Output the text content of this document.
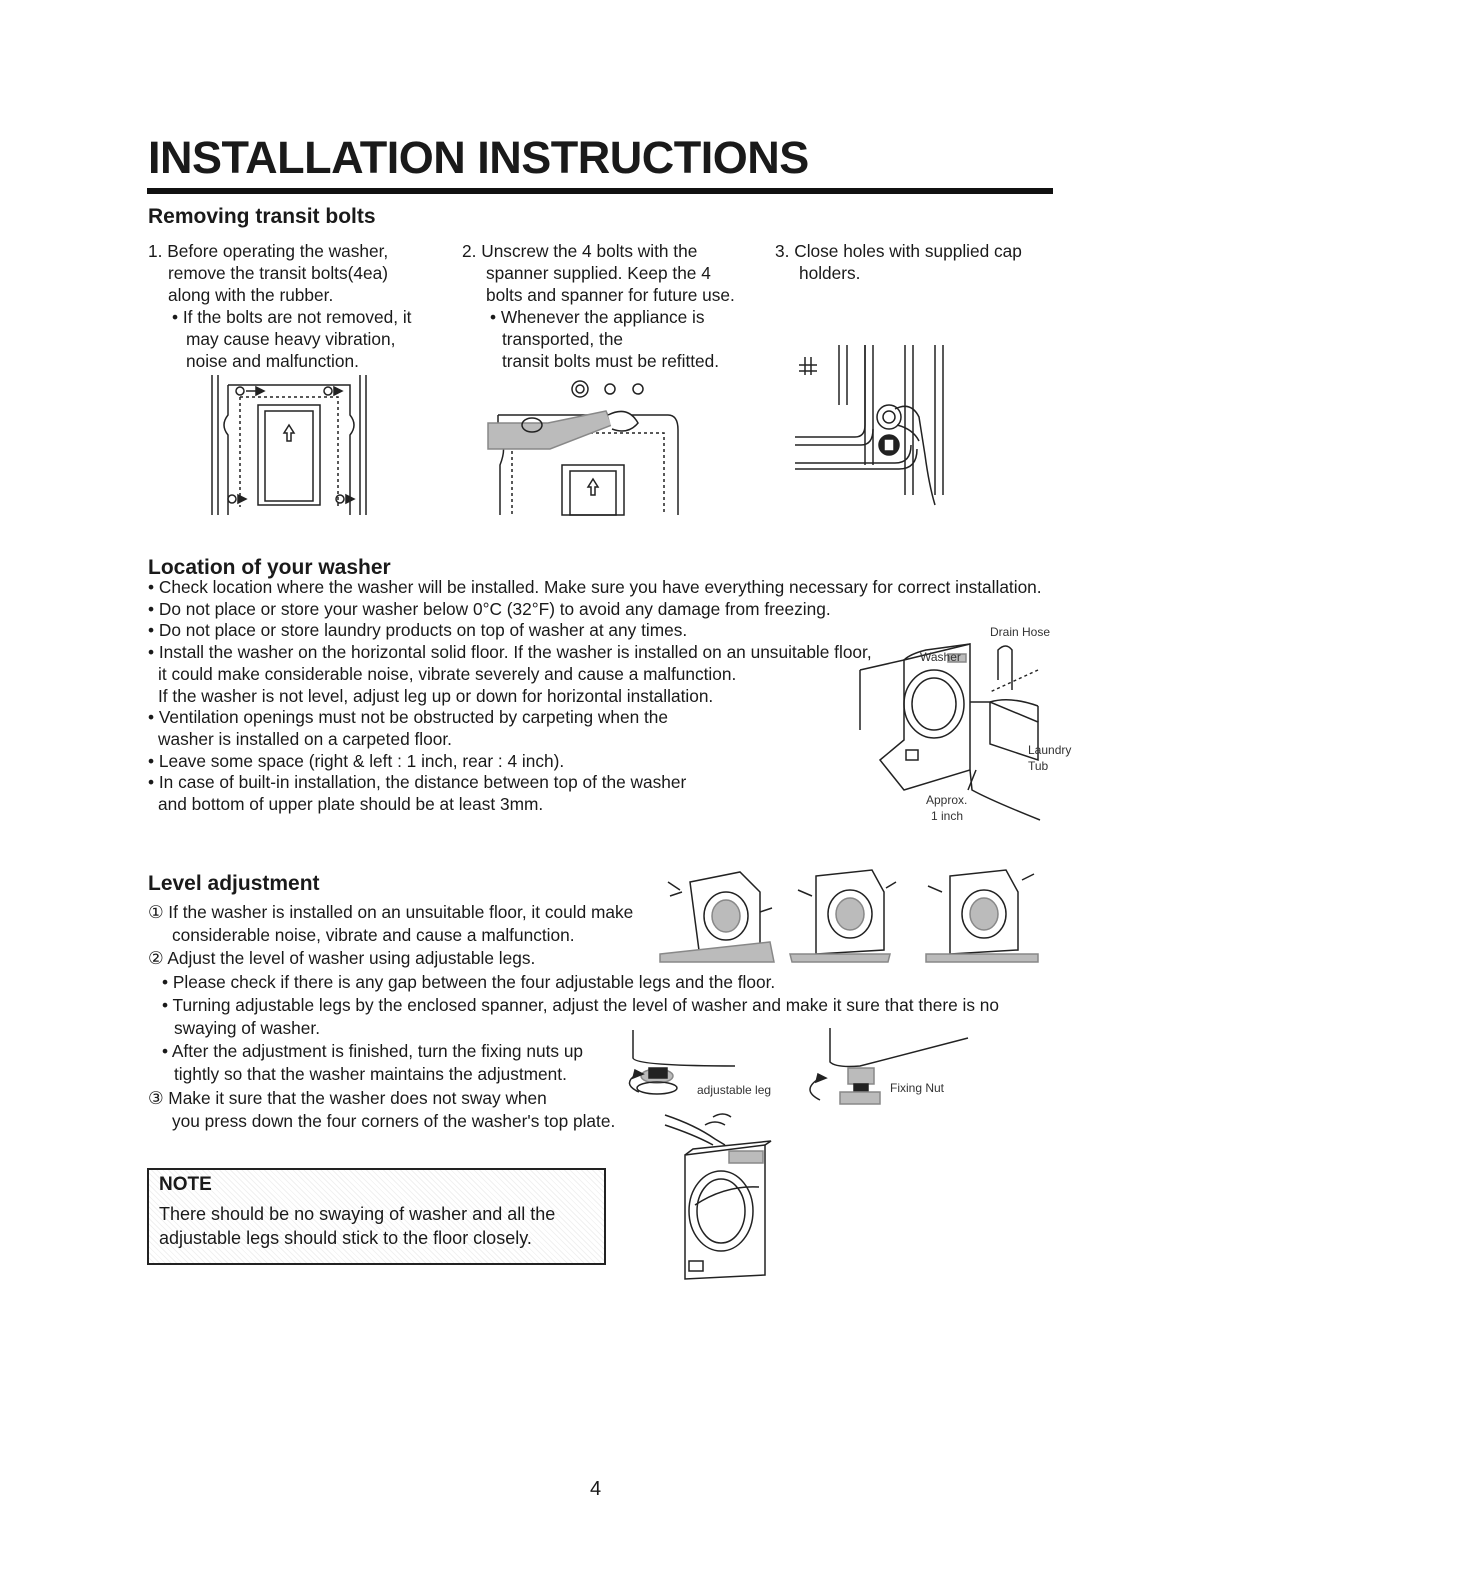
INSTALLATION INSTRUCTIONS
Removing transit bolts
1. Before operating the washer,
remove the transit bolts(4ea)
along with the rubber.
• If the bolts are not removed, it
may cause heavy vibration,
noise and malfunction.
2. Unscrew the 4 bolts with the
spanner supplied. Keep the 4
bolts and spanner for future use.
• Whenever the appliance is
transported, the
transit bolts must be refitted.
3. Close holes with supplied cap
holders.
Location of your washer
• Check location where the washer will be installed. Make sure you have everything necessary for correct installation.
• Do not place or store your washer below 0°C (32°F) to avoid any damage from freezing.
• Do not place or store laundry products on top of washer at any times.
• Install the washer on the horizontal solid floor. If the washer is installed on an unsuitable floor,
it could make considerable noise, vibrate severely and cause a malfunction.
If the washer is not level, adjust leg up or down for horizontal installation.
• Ventilation openings must not be obstructed by carpeting when the
washer is installed on a carpeted floor.
• Leave some space (right & left : 1 inch, rear : 4 inch).
• In case of built-in installation, the distance between top of the washer
and bottom of upper plate should be at least 3mm.
Drain Hose
Washer
Laundry
Tub
Approx.
1 inch
Level adjustment
① If the washer is installed on an unsuitable floor, it could make
considerable noise, vibrate and cause a malfunction.
② Adjust the level of washer using adjustable legs.
• Please check if there is any gap between the four adjustable legs and the floor.
• Turning adjustable legs by the enclosed spanner, adjust the level of washer and make it sure that there is no
swaying of washer.
• After the adjustment is finished, turn the fixing nuts up
tightly so that the washer maintains the adjustment.
③ Make it sure that the washer does not sway when
you press down the four corners of the washer's top plate.
adjustable leg	Fixing Nut
NOTE
There should be no swaying of washer and all the
adjustable legs should stick to the floor closely.
4
